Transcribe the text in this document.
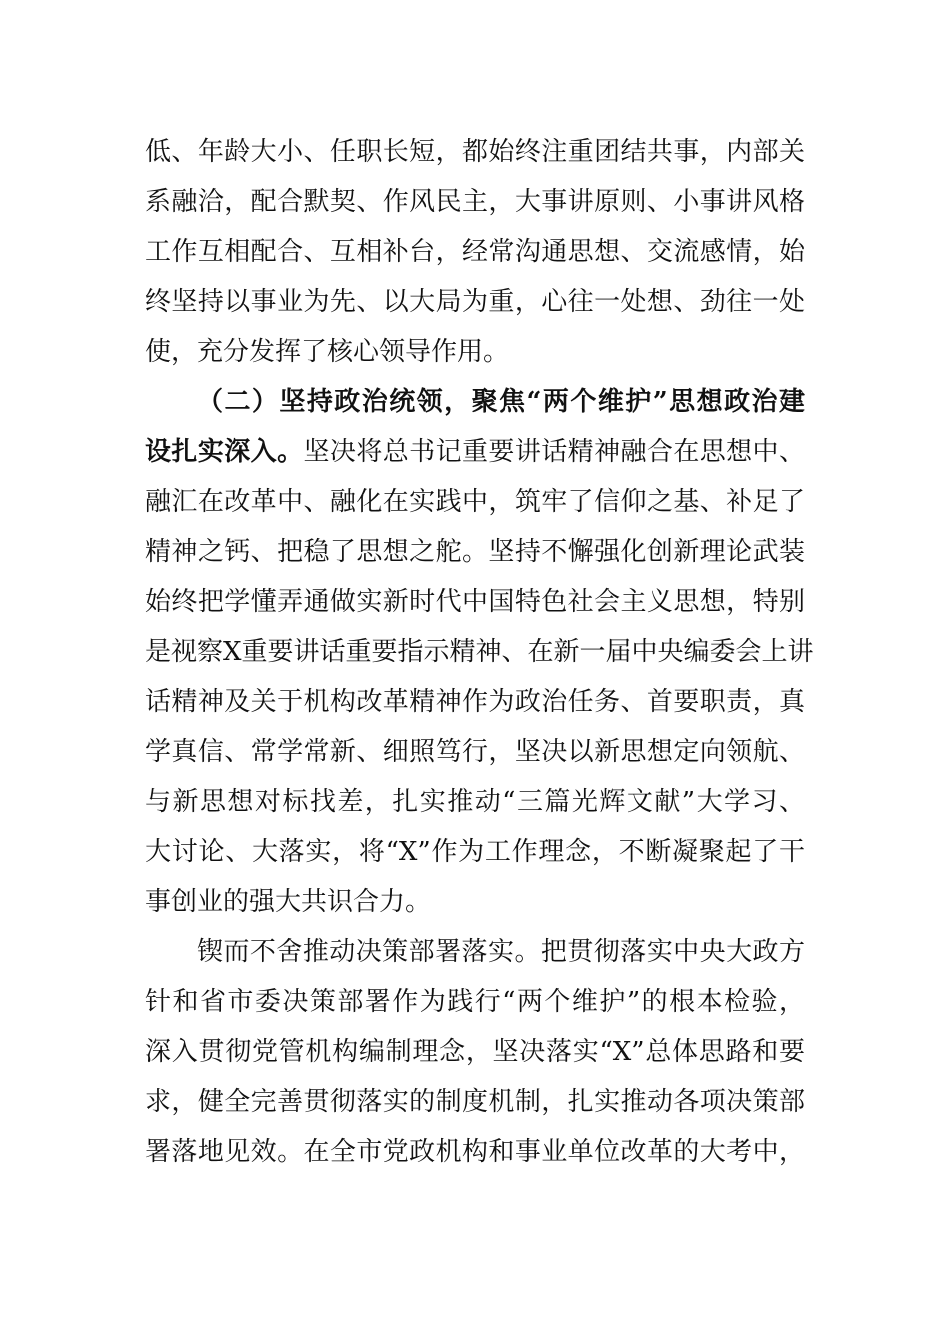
低、年龄大小、任职长短，都始终注重团结共事，内部关
系融洽，配合默契、作风民主，大事讲原则、小事讲风格
工作互相配合、互相补台，经常沟通思想、交流感情，始
终坚持以事业为先、以大局为重，心往一处想、劲往一处
使，充分发挥了核心领导作用。
（二）坚持政治统领，聚焦“两个维护”思想政治建
设扎实深入。坚决将总书记重要讲话精神融合在思想中、
融汇在改革中、融化在实践中，筑牢了信仰之基、补足了
精神之钙、把稳了思想之舵。坚持不懈强化创新理论武装
始终把学懂弄通做实新时代中国特色社会主义思想，特别
是视察X重要讲话重要指示精神、在新一届中央编委会上讲
话精神及关于机构改革精神作为政治任务、首要职责，真
学真信、常学常新、细照笃行，坚决以新思想定向领航、
与新思想对标找差，扎实推动“三篇光辉文献”大学习、
大讨论、大落实，将“X”作为工作理念，不断凝聚起了干
事创业的强大共识合力。
锲而不舍推动决策部署落实。把贯彻落实中央大政方
针和省市委决策部署作为践行“两个维护”的根本检验，
深入贯彻党管机构编制理念，坚决落实“X”总体思路和要
求，健全完善贯彻落实的制度机制，扎实推动各项决策部
署落地见效。在全市党政机构和事业单位改革的大考中，
